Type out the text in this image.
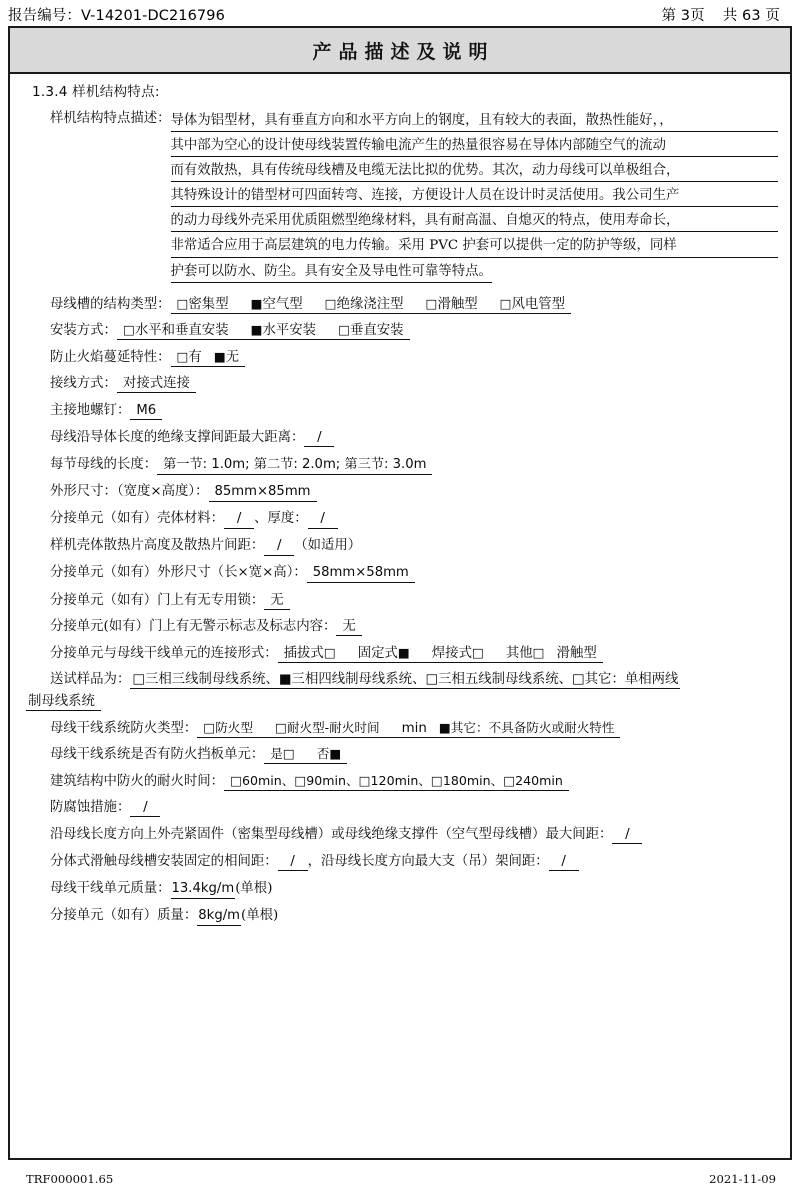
报告编号：V-14201-DC216796	第 3页 共 63 页
产品描述及说明
1.3.4 样机结构特点:
样机结构特点描述： 导体为铝型材，具有垂直方向和水平方向上的钢度，且有较大的表面，散热性能好，，
其中部为空心的设计使母线装置传输电流产生的热量很容易在导体内部随空气的流动
而有效散热，具有传统母线槽及电缆无法比拟的优势。其次，动力母线可以单极组合，
其特殊设计的错型材可四面转弯、连接，方便设计人员在设计时灵活使用。我公司生产
的动力母线外壳采用优质阻燃型绝缘材料，具有耐高温、自熄灭的特点，使用寿命长，
非常适合应用于高层建筑的电力传输。采用 PVC 护套可以提供一定的防护等级，同样
护套可以防水、防尘。具有安全及导电性可靠等特点。
母线槽的结构类型： □密集型 ■空气型 □绝缘浇注型 □滑触型 □风电管型
安装方式： □水平和垂直安装 ■水平安装 □垂直安装
防止火焰蔓延特性： □有 ■无
接线方式： 对接式连接
主接地螺钉： M6
母线沿导体长度的绝缘支撑间距最大距离： /
每节母线的长度： 第一节: 1.0m; 第二节: 2.0m; 第三节: 3.0m
外形尺寸：（宽度×高度）： 85mm×85mm
分接单元（如有）壳体材料： / 、厚度： /
样机壳体散热片高度及散热片间距： / （如适用）
分接单元（如有）外形尺寸（长×宽×高）： 58mm×58mm
分接单元（如有）门上有无专用锁： 无
分接单元(如有）门上有无警示标志及标志内容： 无
分接单元与母线干线单元的连接形式： 插拔式□ 固定式■ 焊接式□ 其他□ 滑触型
送试样品为： □三相三线制母线系统、■三相四线制母线系统、□三相五线制母线系统、□其它：单相两线
制母线系统
母线干线系统防火类型： □防火型 □耐火型-耐火时间 min ■其它：不具备防火或耐火特性
母线干线系统是否有防火挡板单元： 是□ 否■
建筑结构中防火的耐火时间： □60min、□90min、□120min、□180min、□240min
防腐蚀措施： /
沿母线长度方向上外壳紧固件（密集型母线槽）或母线绝缘支撑件（空气型母线槽）最大间距： /
分体式滑触母线槽安装固定的相间距： / ，沿母线长度方向最大支（吊）架间距： /
母线干线单元质量：13.4kg/m(单根)
分接单元（如有）质量：8kg/m(单根)
TRF000001.65	2021-11-09
